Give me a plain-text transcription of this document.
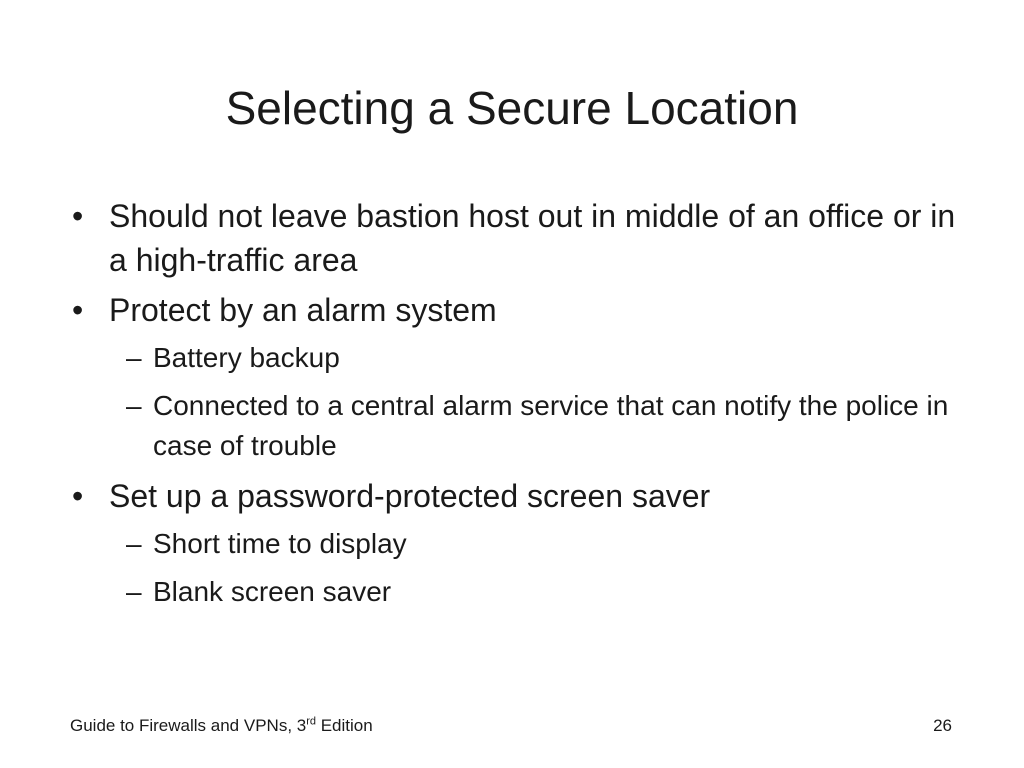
Selecting a Secure Location
• Should not leave bastion host out in middle of an office or in a high-traffic area
• Protect by an alarm system
– Battery backup
– Connected to a central alarm service that can notify the police in case of trouble
• Set up a password-protected screen saver
– Short time to display
– Blank screen saver
Guide to Firewalls and VPNs, 3rd Edition	26
